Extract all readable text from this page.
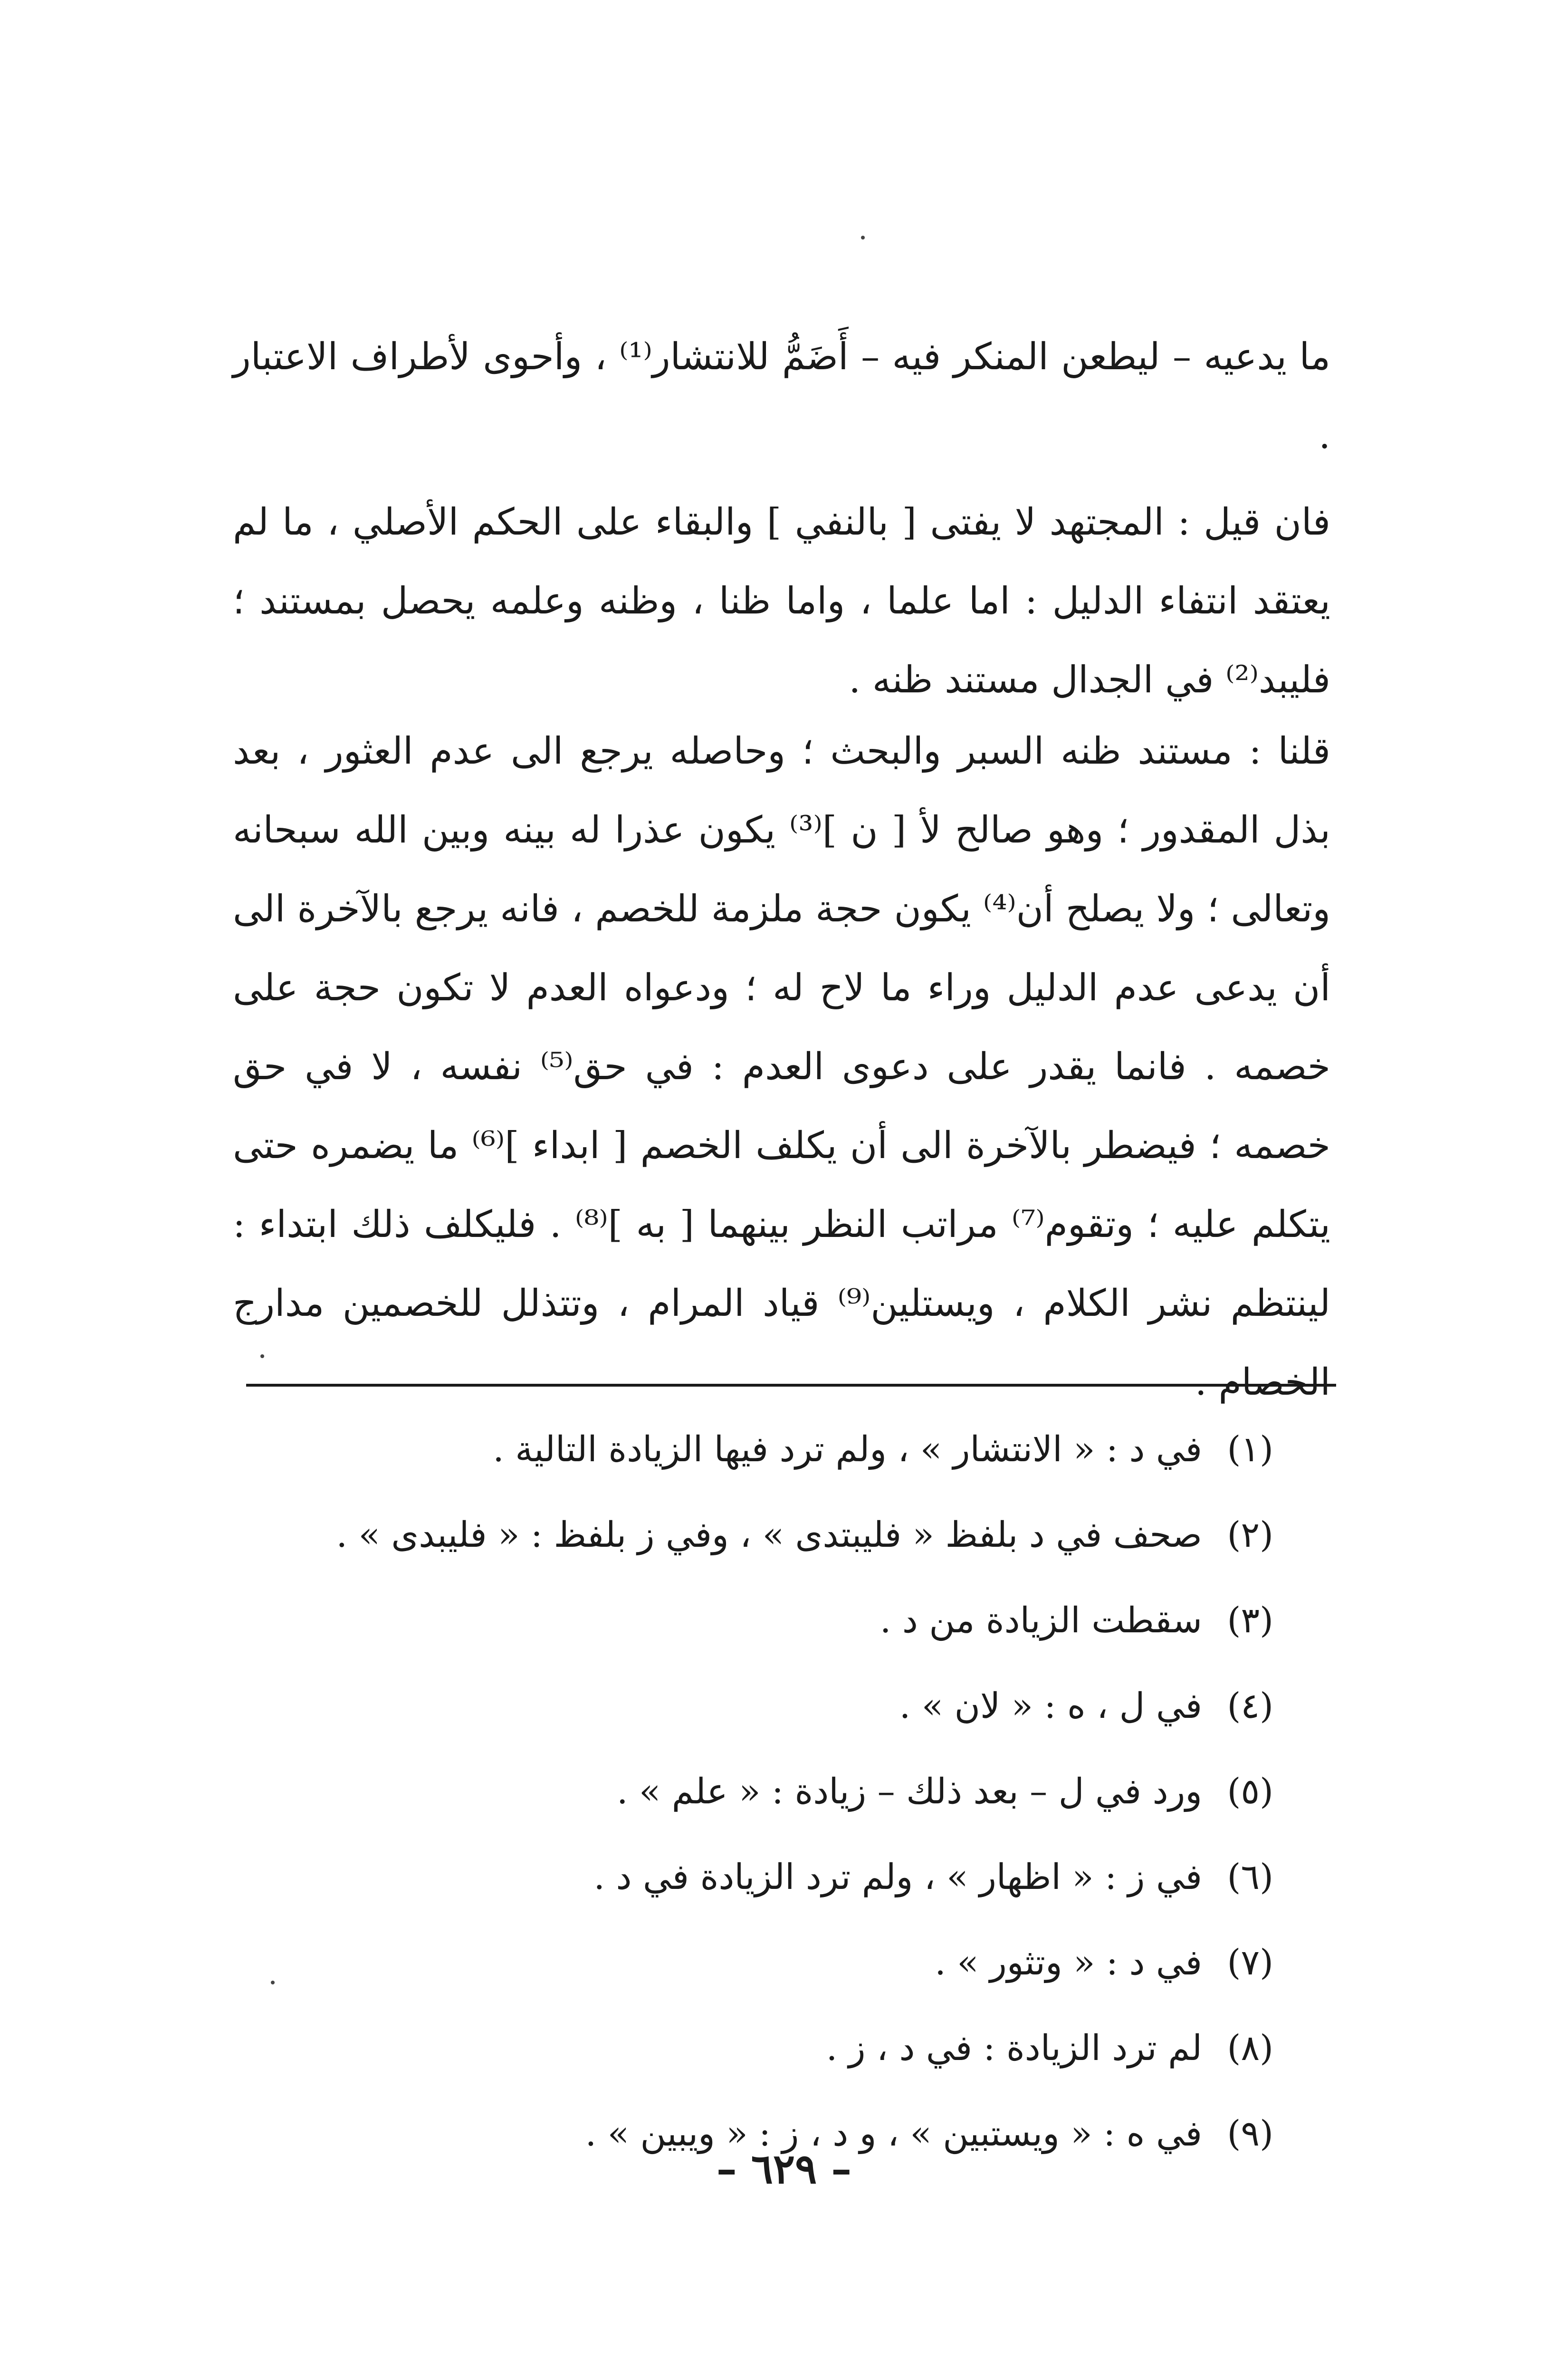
ما يدعيه – ليطعن المنكر فيه – أَضَمُّ للانتشار⁽¹⁾ ، وأحوى لأطراف الاعتبار .

فان قيل : المجتهد لا يفتى [ بالنفي ] والبقاء على الحكم الأصلي ، ما لم يعتقد انتفاء الدليل : اما علما ، واما ظنا ، وظنه وعلمه يحصل بمستند ؛ فليبد⁽²⁾ في الجدال مستند ظنه .

قلنا : مستند ظنه السبر والبحث ؛ وحاصله يرجع الى عدم العثور ، بعد بذل المقدور ؛ وهو صالح لأ [ ن ]⁽³⁾ يكون عذرا له بينه وبين الله سبحانه وتعالى ؛ ولا يصلح أن⁽⁴⁾ يكون حجة ملزمة للخصم ، فانه يرجع بالآخرة الى أن يدعى عدم الدليل وراء ما لاح له ؛ ودعواه العدم لا تكون حجة على خصمه . فانما يقدر على دعوى العدم : في حق⁽⁵⁾ نفسه ، لا في حق خصمه ؛ فيضطر بالآخرة الى أن يكلف الخصم [ ابداء ]⁽⁶⁾ ما يضمره حتى يتكلم عليه ؛ وتقوم⁽⁷⁾ مراتب النظر بينهما [ به ]⁽⁸⁾ . فليكلف ذلك ابتداء : لينتظم نشر الكلام ، ويستلين⁽⁹⁾ قياد المرام ، وتتذلل للخصمين مدارج الخصام .

(١)في د : « الانتشار » ، ولم ترد فيها الزيادة التالية .
(٢)صحف في د بلفظ « فليبتدى » ، وفي ز بلفظ : « فليبدى » .
(٣)سقطت الزيادة من د .
(٤)في ل ، ه : « لان » .
(٥)ورد في ل – بعد ذلك – زيادة : « علم » .
(٦)في ز : « اظهار » ، ولم ترد الزيادة في د .
(٧)في د : « وتثور » .
(٨)لم ترد الزيادة : في د ، ز .
(٩)في ه : « ويستبين » ، و د ، ز : « ويبين » .
– ٦٢٩ –
